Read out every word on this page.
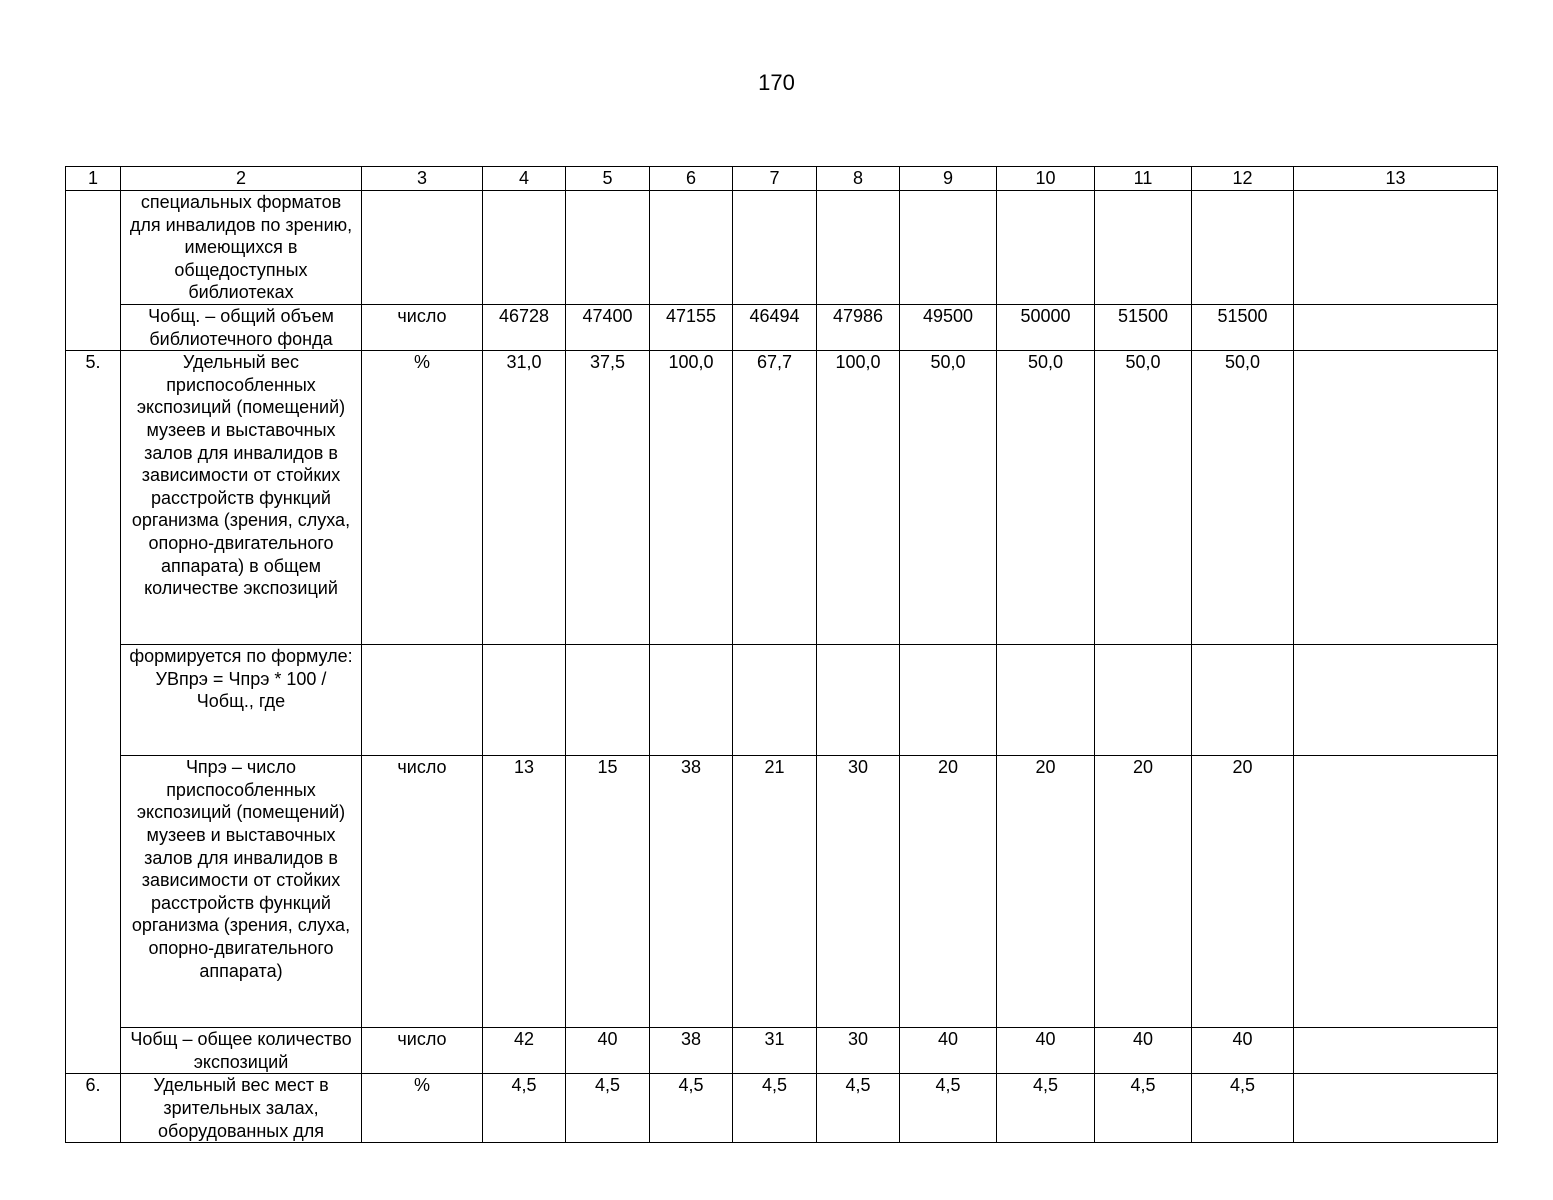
170
1	2	3	4	5	6	7	8	9	10	11	12	13
	специальных форматов для инвалидов по зрению, имеющихся в общедоступных библиотеках											
	Чобщ. – общий объем библиотечного фонда	число	46728	47400	47155	46494	47986	49500	50000	51500	51500	
5.	Удельный вес приспособленных экспозиций (помещений) музеев и выставочных залов для инвалидов в зависимости от стойких расстройств функций организма (зрения, слуха, опорно-двигательного аппарата) в общем количестве экспозиций	%	31,0	37,5	100,0	67,7	100,0	50,0	50,0	50,0	50,0	
	формируется по формуле: УВпрэ = Чпрэ * 100 / Чобщ., где											
	Чпрэ – число приспособленных экспозиций (помещений) музеев и выставочных залов для инвалидов в зависимости от стойких расстройств функций организма (зрения, слуха, опорно-двигательного аппарата)	число	13	15	38	21	30	20	20	20	20	
	Чобщ – общее количество экспозиций	число	42	40	38	31	30	40	40	40	40	
6.	Удельный вес мест в зрительных залах, оборудованных для	%	4,5	4,5	4,5	4,5	4,5	4,5	4,5	4,5	4,5	
